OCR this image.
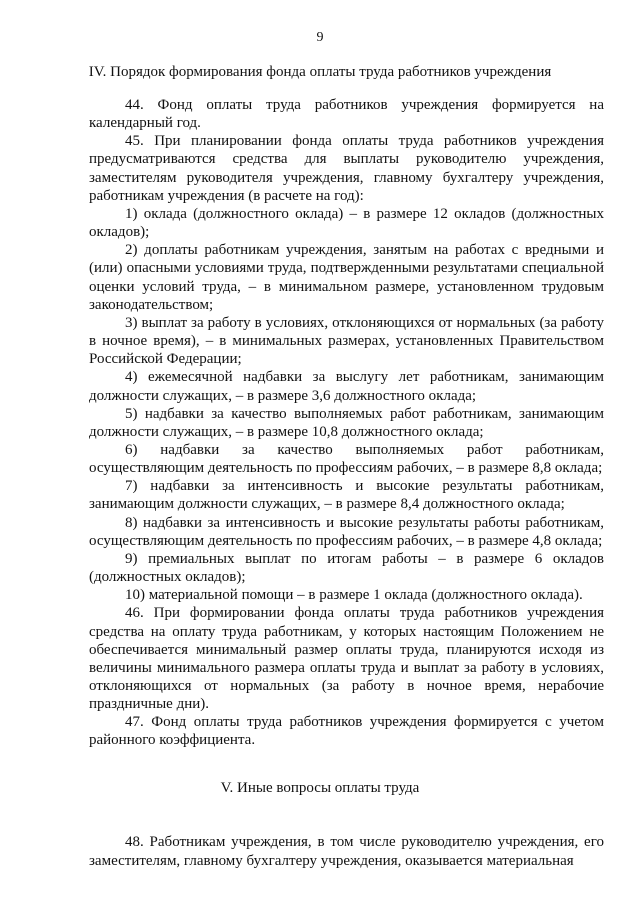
9
IV. Порядок формирования фонда оплаты труда работников учреждения

44. Фонд оплаты труда работников учреждения формируется на календарный год.

45. При планировании фонда оплаты труда работников учреждения предусматриваются средства для выплаты руководителю учреждения, заместителям руководителя учреждения, главному бухгалтеру учреждения, работникам учреждения (в расчете на год):

1) оклада (должностного оклада) – в размере 12 окладов (должностных окладов);

2) доплаты работникам учреждения, занятым на работах с вредными и (или) опасными условиями труда, подтвержденными результатами специальной оценки условий труда, – в минимальном размере, установленном трудовым законодательством;

3) выплат за работу в условиях, отклоняющихся от нормальных (за работу в ночное время), – в минимальных размерах, установленных Правительством Российской Федерации;

4) ежемесячной надбавки за выслугу лет работникам, занимающим должности служащих, – в размере 3,6 должностного оклада;

5) надбавки за качество выполняемых работ работникам, занимающим должности служащих, – в размере 10,8 должностного оклада;

6) надбавки за качество выполняемых работ работникам, осуществляющим деятельность по профессиям рабочих, – в размере 8,8 оклада;

7) надбавки за интенсивность и высокие результаты работникам, занимающим должности служащих, – в размере 8,4 должностного оклада;

8) надбавки за интенсивность и высокие результаты работы работникам, осуществляющим деятельность по профессиям рабочих, – в размере 4,8 оклада;

9) премиальных выплат по итогам работы – в размере 6 окладов (должностных окладов);

10) материальной помощи – в размере 1 оклада (должностного оклада).

46. При формировании фонда оплаты труда работников учреждения средства на оплату труда работникам, у которых настоящим Положением не обеспечивается минимальный размер оплаты труда, планируются исходя из величины минимального размера оплаты труда и выплат за работу в условиях, отклоняющихся от нормальных (за работу в ночное время, нерабочие праздничные дни).

47. Фонд оплаты труда работников учреждения формируется с учетом районного коэффициента.

V. Иные вопросы оплаты труда

48. Работникам учреждения, в том числе руководителю учреждения, его заместителям, главному бухгалтеру учреждения, оказывается материальная
